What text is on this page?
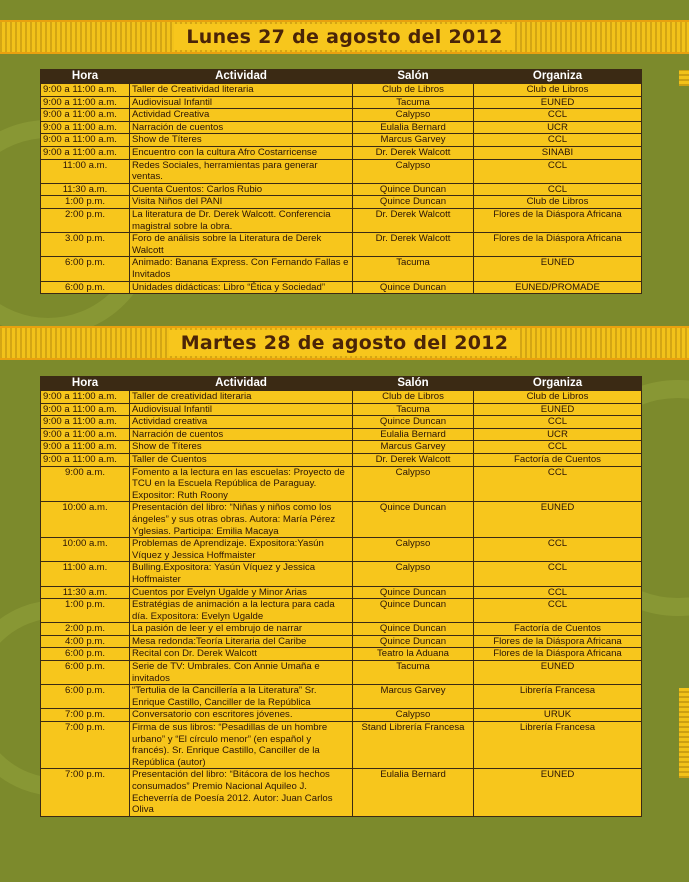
Lunes 27 de agosto del 2012
Hora	Actividad	Salón	Organiza
9:00 a 11:00 a.m.	Taller de Creatividad literaria	Club de Libros	Club de Libros
9:00 a 11:00 a.m.	Audiovisual Infantil	Tacuma	EUNED
9:00 a 11:00 a.m.	Actividad Creativa	Calypso	CCL
9:00 a 11:00 a.m.	Narración de cuentos	Eulalia Bernard	UCR
9:00 a 11:00 a.m.	Show de Títeres	Marcus Garvey	CCL
9:00 a 11:00 a.m.	Encuentro con la cultura Afro Costarricense	Dr. Derek Walcott	SINABI
11:00 a.m.	Redes Sociales, herramientas para generar ventas.	Calypso	CCL
11:30 a.m.	Cuenta Cuentos: Carlos Rubio	Quince Duncan	CCL
1:00 p.m.	Visita Niños del PANI	Quince Duncan	Club de Libros
2:00 p.m.	La literatura de Dr. Derek Walcott. Conferencia magistral sobre la obra.	Dr. Derek Walcott	Flores de la Diáspora Africana
3.00 p.m.	Foro de análisis sobre la Literatura de Derek Walcott	Dr. Derek Walcott	Flores de la Diáspora Africana
6:00 p.m.	Animado: Banana Express. Con Fernando Fallas e Invitados	Tacuma	EUNED
6:00 p.m.	Unidades didácticas: Libro “Ética y Sociedad”	Quince Duncan	EUNED/PROMADE
Martes 28 de agosto del 2012
Hora	Actividad	Salón	Organiza
9:00 a 11:00 a.m.	Taller de creatividad literaria	Club de Libros	Club de Libros
9:00 a 11:00 a.m.	Audiovisual Infantil	Tacuma	EUNED
9:00 a 11:00 a.m.	Actividad creativa	Quince Duncan	CCL
9:00 a 11:00 a.m.	Narración de cuentos	Eulalia Bernard	UCR
9:00 a 11:00 a.m.	Show de Títeres	Marcus Garvey	CCL
9:00 a 11:00 a.m.	Taller de Cuentos	Dr. Derek Walcott	Factoría de Cuentos
9:00 a.m.	Fomento a la lectura en las escuelas: Proyecto de TCU en la Escuela República de Paraguay. Expositor: Ruth Roony	Calypso	CCL
10:00 a.m.	Presentación del libro: “Niñas y niños como los ángeles” y sus otras obras. Autora: María Pérez Yglesias. Participa: Emilia Macaya	Quince Duncan	EUNED
10:00 a.m.	Problemas de Aprendizaje. Expositora:Yasún Víquez y Jessica Hoffmaister	Calypso	CCL
11:00 a.m.	Bulling.Expositora: Yasún Víquez y Jessica Hoffmaister	Calypso	CCL
11:30 a.m.	Cuentos por Evelyn Ugalde y Minor Arias	Quince Duncan	CCL
1:00 p.m.	Estratégias de animación a la lectura para cada día. Expositora: Evelyn Ugalde	Quince Duncan	CCL
2:00 p.m.	La pasión de leer y el embrujo de narrar	Quince Duncan	Factoría de Cuentos
4:00 p.m.	Mesa redonda:Teoría Literaria del Caribe	Quince Duncan	Flores de la Diáspora Africana
6:00 p.m.	Recital con Dr. Derek Walcott	Teatro la Aduana	Flores de la Diáspora Africana
6:00 p.m.	Serie de TV: Umbrales. Con Annie Umaña e invitados	Tacuma	EUNED
6:00 p.m.	“Tertulia de la Cancillería a la Literatura” Sr. Enrique Castillo, Canciller de la República	Marcus Garvey	Librería Francesa
7:00 p.m.	Conversatorio con escritores jóvenes.	Calypso	URUK
7:00 p.m.	Firma de sus libros: “Pesadillas de un hombre urbano” y “El círculo menor” (en español y francés). Sr. Enrique Castillo, Canciller de la República (autor)	Stand Librería Francesa	Librería Francesa
7:00 p.m.	Presentación del libro: “Bitácora de los hechos consumados” Premio Nacional Aquileo J. Echeverría de Poesía 2012. Autor: Juan Carlos Oliva	Eulalia Bernard	EUNED
